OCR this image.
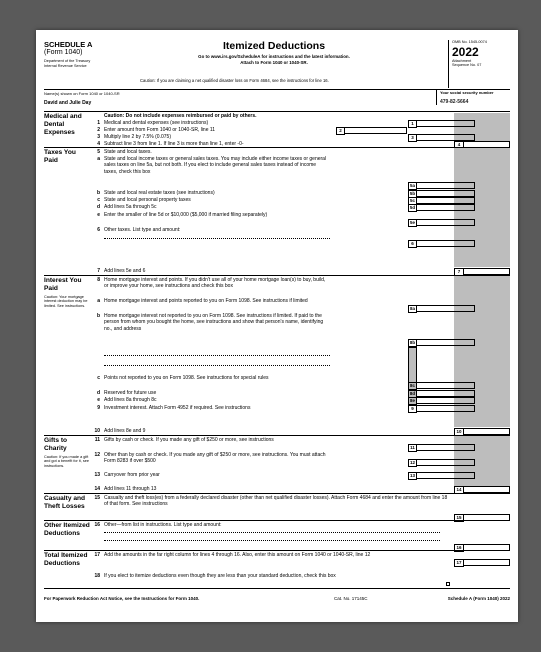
SCHEDULE A
(Form 1040)
Department of the Treasury
Internal Revenue Service
Itemized Deductions
Go to www.irs.gov/ScheduleA for instructions and the latest information.
Attach to Form 1040 or 1040-SR.
Caution: If you are claiming a net qualified disaster loss on Form 4684, see the instructions for line 16.
OMB No. 1545-0074
2022
Attachment
Sequence No. 07
Name(s) shown on Form 1040 or 1040-SR
David and Julie Day
Your social security number
479-82-5664
Medical and Dental Expenses
Caution: Do not include expenses reimbursed or paid by others.
1 Medical and dental expenses (see instructions)	1
2 Enter amount from Form 1040 or 1040-SR, line 11	2
3 Multiply line 2 by 7.5% (0.075)	3
4 Subtract line 3 from line 1. If line 3 is more than line 1, enter -0-	4
Taxes You Paid
5 State and local taxes.
a State and local income taxes or general sales taxes. You may include either income taxes or general sales taxes on line 5a, but not both. If you elect to include general sales taxes instead of income taxes, check this box
5a
b State and local real estate taxes (see instructions)	5b
c State and local personal property taxes	5c
d Add lines 5a through 5c	5d
e Enter the smaller of line 5d or $10,000 ($5,000 if married filing separately)
5e
6 Other taxes. List type and amount:
6
7 Add lines 5e and 6	7
Interest You Paid
Caution: Your mortgage interest deduction may be limited. See instructions.
8 Home mortgage interest and points. If you didn't use all of your home mortgage loan(s) to buy, build, or improve your home, see instructions and check this box
a Home mortgage interest and points reported to you on Form 1098. See instructions if limited
8a
b Home mortgage interest not reported to you on Form 1098. See instructions if limited. If paid to the person from whom you bought the home, see instructions and show that person's name, identifying no., and address
8b
c Points not reported to you on Form 1098. See instructions for special rules
8c
d Reserved for future use	8d
e Add lines 8a through 8c	8e
9 Investment interest. Attach Form 4952 if required. See instructions	9
10 Add lines 8e and 9	10
Gifts to Charity
Caution: If you made a gift and got a benefit for it, see instructions.
11 Gifts by cash or check. If you made any gift of $250 or more, see instructions
11
12 Other than by cash or check. If you made any gift of $250 or more, see instructions. You must attach Form 8283 if over $500	12
13 Carryover from prior year	13
14 Add lines 11 through 13	14
Casualty and Theft Losses
15 Casualty and theft loss(es) from a federally declared disaster (other than net qualified disaster losses). Attach Form 4684 and enter the amount from line 18 of that form. See instructions
15
Other Itemized Deductions
16 Other—from list in instructions. List type and amount:
16
Total Itemized Deductions
17 Add the amounts in the far right column for lines 4 through 16. Also, enter this amount on Form 1040 or 1040-SR, line 12
17
18 If you elect to itemize deductions even though they are less than your standard deduction, check this box
For Paperwork Reduction Act Notice, see the Instructions for Form 1040.	Cat. No. 17145C	Schedule A (Form 1040) 2022
